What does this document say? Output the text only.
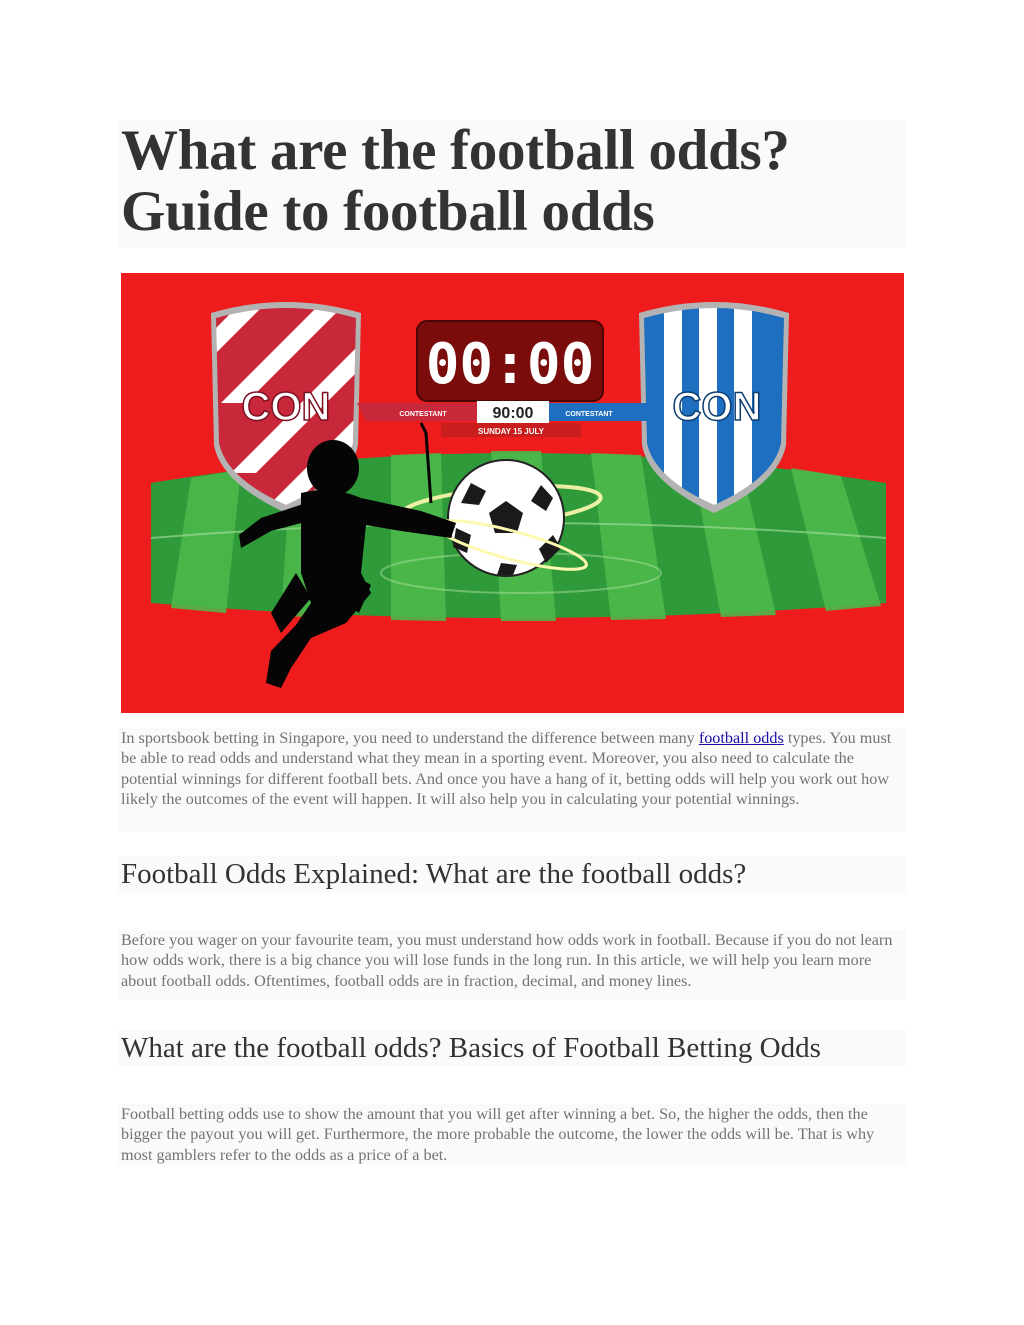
What are the football odds?
Guide to football odds
CON	CON
00:00
90:00
CONTESTANT	CONTESTANT
SUNDAY 15 JULY

In sportsbook betting in Singapore, you need to understand the difference between many football odds types. You must be able to read odds and understand what they mean in a sporting event. Moreover, you also need to calculate the potential winnings for different football bets. And once you have a hang of it, betting odds will help you work out how likely the outcomes of the event will happen. It will also help you in calculating your potential winnings.

Football Odds Explained: What are the football odds?

Before you wager on your favourite team, you must understand how odds work in football. Because if you do not learn how odds work, there is a big chance you will lose funds in the long run. In this article, we will help you learn more about football odds. Oftentimes, football odds are in fraction, decimal, and money lines.

What are the football odds? Basics of Football Betting Odds

Football betting odds use to show the amount that you will get after winning a bet. So, the higher the odds, then the bigger the payout you will get. Furthermore, the more probable the outcome, the lower the odds will be. That is why most gamblers refer to the odds as a price of a bet.
